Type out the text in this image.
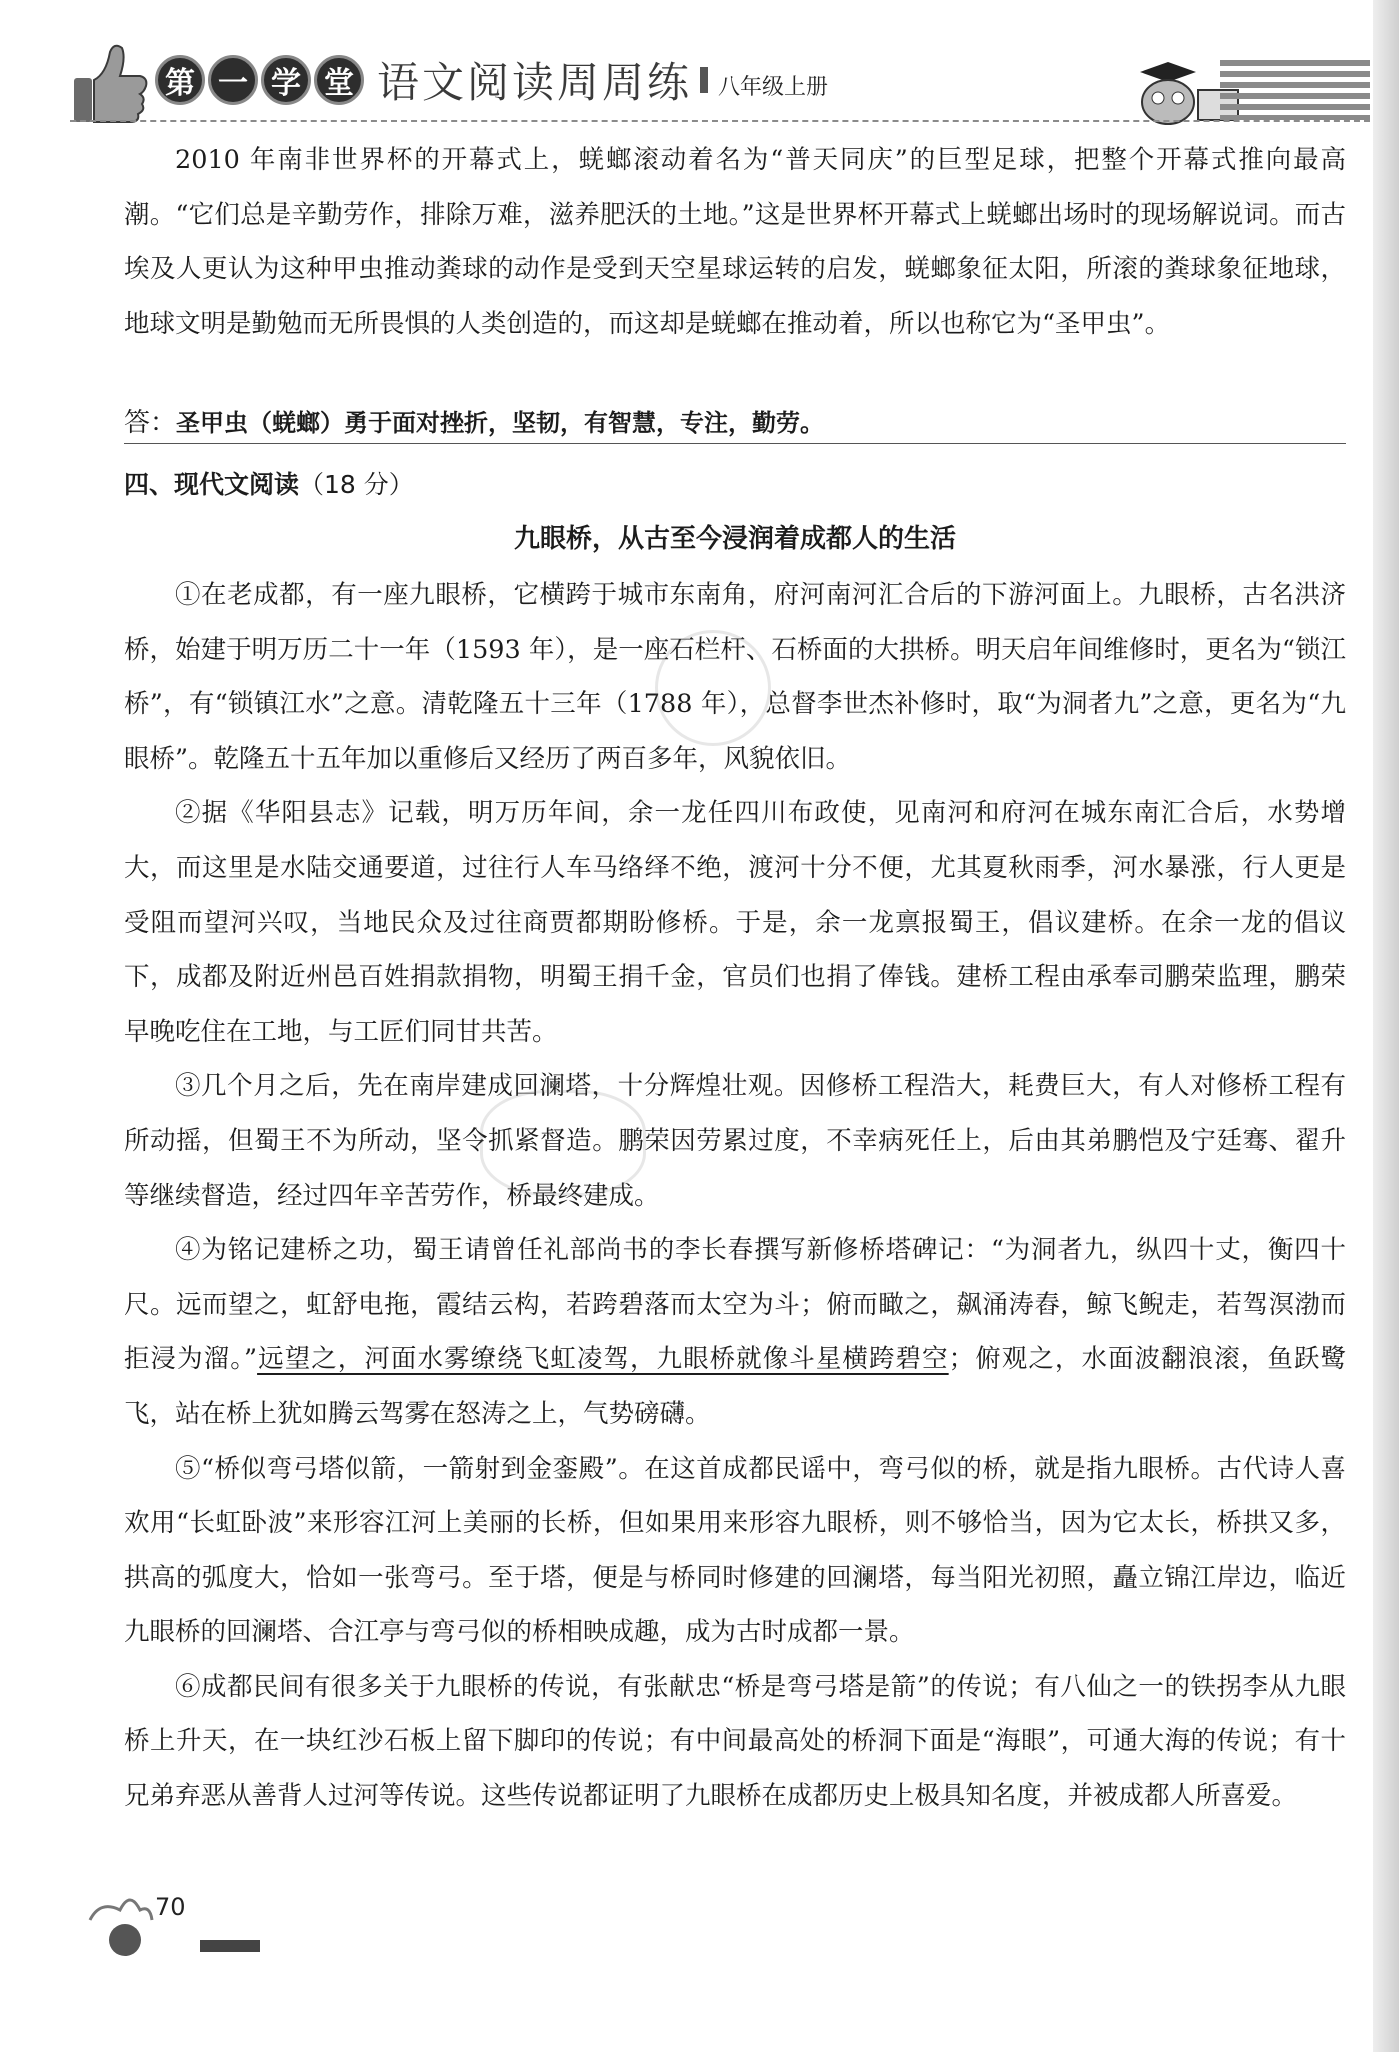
第 一 学 堂 语文阅读周周练 八年级上册

2010 年南非世界杯的开幕式上，蜣螂滚动着名为“普天同庆”的巨型足球，把整个开幕式推向最高潮。“它们总是辛勤劳作，排除万难，滋养肥沃的土地。”这是世界杯开幕式上蜣螂出场时的现场解说词。而古埃及人更认为这种甲虫推动粪球的动作是受到天空星球运转的启发，蜣螂象征太阳，所滚的粪球象征地球，地球文明是勤勉而无所畏惧的人类创造的，而这却是蜣螂在推动着，所以也称它为“圣甲虫”。

答：圣甲虫（蜣螂）勇于面对挫折，坚韧，有智慧，专注，勤劳。
四、现代文阅读（18 分）
九眼桥，从古至今浸润着成都人的生活

①在老成都，有一座九眼桥，它横跨于城市东南角，府河南河汇合后的下游河面上。九眼桥，古名洪济桥，始建于明万历二十一年（1593 年），是一座石栏杆、石桥面的大拱桥。明天启年间维修时，更名为“锁江桥”，有“锁镇江水”之意。清乾隆五十三年（1788 年），总督李世杰补修时，取“为洞者九”之意，更名为“九眼桥”。乾隆五十五年加以重修后又经历了两百多年，风貌依旧。

②据《华阳县志》记载，明万历年间，余一龙任四川布政使，见南河和府河在城东南汇合后，水势增大，而这里是水陆交通要道，过往行人车马络绎不绝，渡河十分不便，尤其夏秋雨季，河水暴涨，行人更是受阻而望河兴叹，当地民众及过往商贾都期盼修桥。于是，余一龙禀报蜀王，倡议建桥。在余一龙的倡议下，成都及附近州邑百姓捐款捐物，明蜀王捐千金，官员们也捐了俸钱。建桥工程由承奉司鹏荣监理，鹏荣早晚吃住在工地，与工匠们同甘共苦。

③几个月之后，先在南岸建成回澜塔，十分辉煌壮观。因修桥工程浩大，耗费巨大，有人对修桥工程有所动摇，但蜀王不为所动，坚令抓紧督造。鹏荣因劳累过度，不幸病死任上，后由其弟鹏恺及宁廷骞、翟升等继续督造，经过四年辛苦劳作，桥最终建成。

④为铭记建桥之功，蜀王请曾任礼部尚书的李长春撰写新修桥塔碑记：“为洞者九，纵四十丈，衡四十尺。远而望之，虹舒电拖，霞结云构，若跨碧落而太空为斗；俯而瞰之，飙涌涛舂，鲸飞鲵走，若驾溟渤而拒浸为溜。”远望之，河面水雾缭绕飞虹凌驾，九眼桥就像斗星横跨碧空；俯观之，水面波翻浪滚，鱼跃鹭飞，站在桥上犹如腾云驾雾在怒涛之上，气势磅礴。

⑤“桥似弯弓塔似箭，一箭射到金銮殿”。在这首成都民谣中，弯弓似的桥，就是指九眼桥。古代诗人喜欢用“长虹卧波”来形容江河上美丽的长桥，但如果用来形容九眼桥，则不够恰当，因为它太长，桥拱又多，拱高的弧度大，恰如一张弯弓。至于塔，便是与桥同时修建的回澜塔，每当阳光初照，矗立锦江岸边，临近九眼桥的回澜塔、合江亭与弯弓似的桥相映成趣，成为古时成都一景。

⑥成都民间有很多关于九眼桥的传说，有张献忠“桥是弯弓塔是箭”的传说；有八仙之一的铁拐李从九眼桥上升天，在一块红沙石板上留下脚印的传说；有中间最高处的桥洞下面是“海眼”，可通大海的传说；有十兄弟弃恶从善背人过河等传说。这些传说都证明了九眼桥在成都历史上极具知名度，并被成都人所喜爱。

70
